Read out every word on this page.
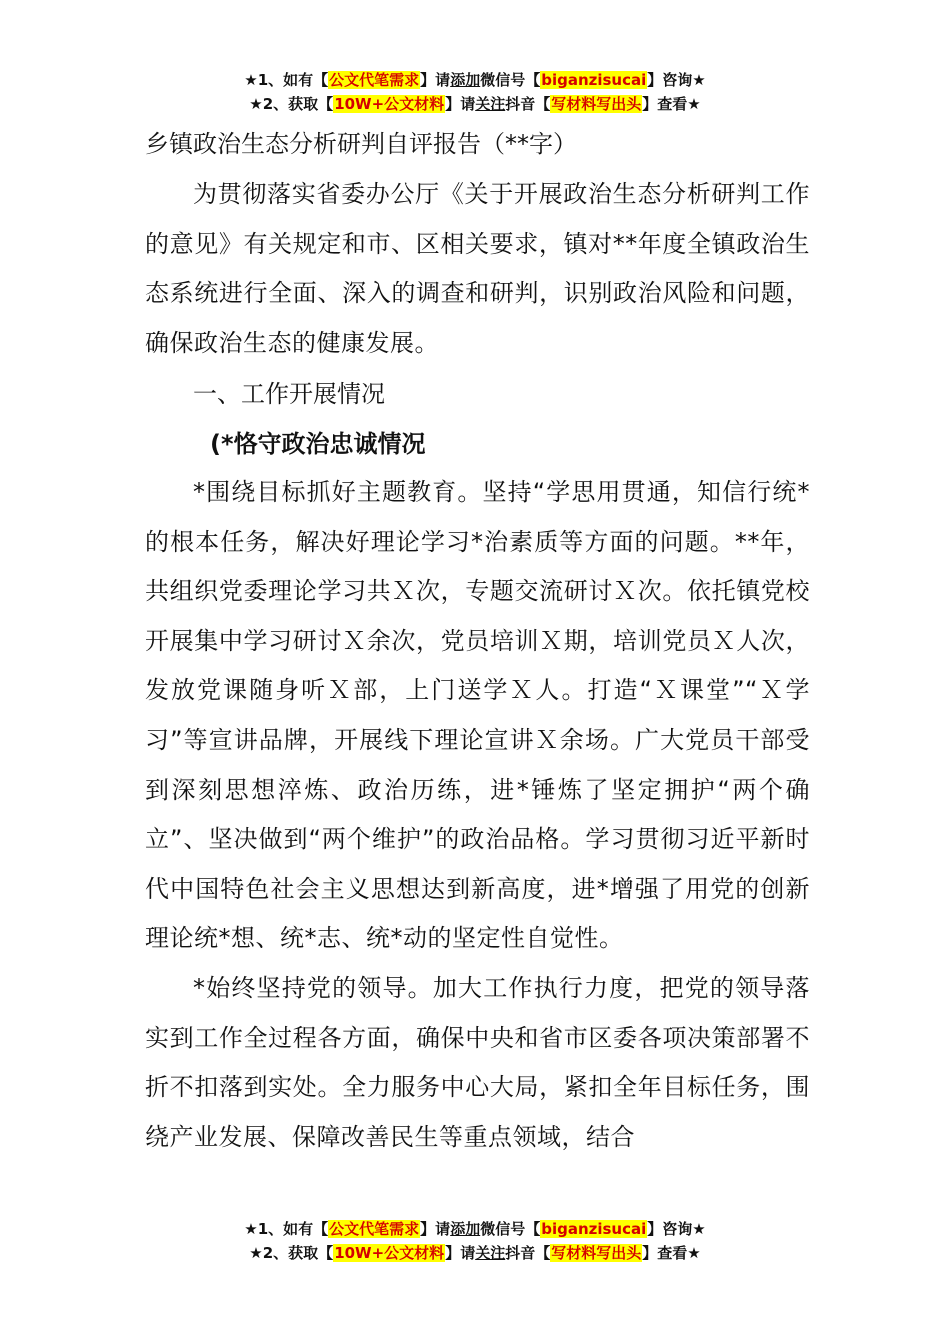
★1、如有【公文代笔需求】请添加微信号【biganzisucai】咨询★
★2、获取【10W+公文材料】请关注抖音【写材料写出头】查看★
乡镇政治生态分析研判自评报告（**字）

为贯彻落实省委办公厅《关于开展政治生态分析研判工作的意见》有关规定和市、区相关要求，镇对**年度全镇政治生态系统进行全面、深入的调查和研判，识别政治风险和问题，确保政治生态的健康发展。

一、工作开展情况
(*恪守政治忠诚情况

*围绕目标抓好主题教育。坚持“学思用贯通，知信行统*的根本任务，解决好理论学习*治素质等方面的问题。**年，共组织党委理论学习共Ｘ次，专题交流研讨Ｘ次。依托镇党校开展集中学习研讨Ｘ余次，党员培训Ｘ期，培训党员Ｘ人次，发放党课随身听Ｘ部，上门送学Ｘ人。打造“Ｘ课堂”“Ｘ学习”等宣讲品牌，开展线下理论宣讲Ｘ余场。广大党员干部受到深刻思想淬炼、政治历练，进*锤炼了坚定拥护“两个确立”、坚决做到“两个维护”的政治品格。学习贯彻习近平新时代中国特色社会主义思想达到新高度，进*增强了用党的创新理论统*想、统*志、统*动的坚定性自觉性。

*始终坚持党的领导。加大工作执行力度，把党的领导落实到工作全过程各方面，确保中央和省市区委各项决策部署不折不扣落到实处。全力服务中心大局，紧扣全年目标任务，围绕产业发展、保障改善民生等重点领域，结合

★1、如有【公文代笔需求】请添加微信号【biganzisucai】咨询★
★2、获取【10W+公文材料】请关注抖音【写材料写出头】查看★
